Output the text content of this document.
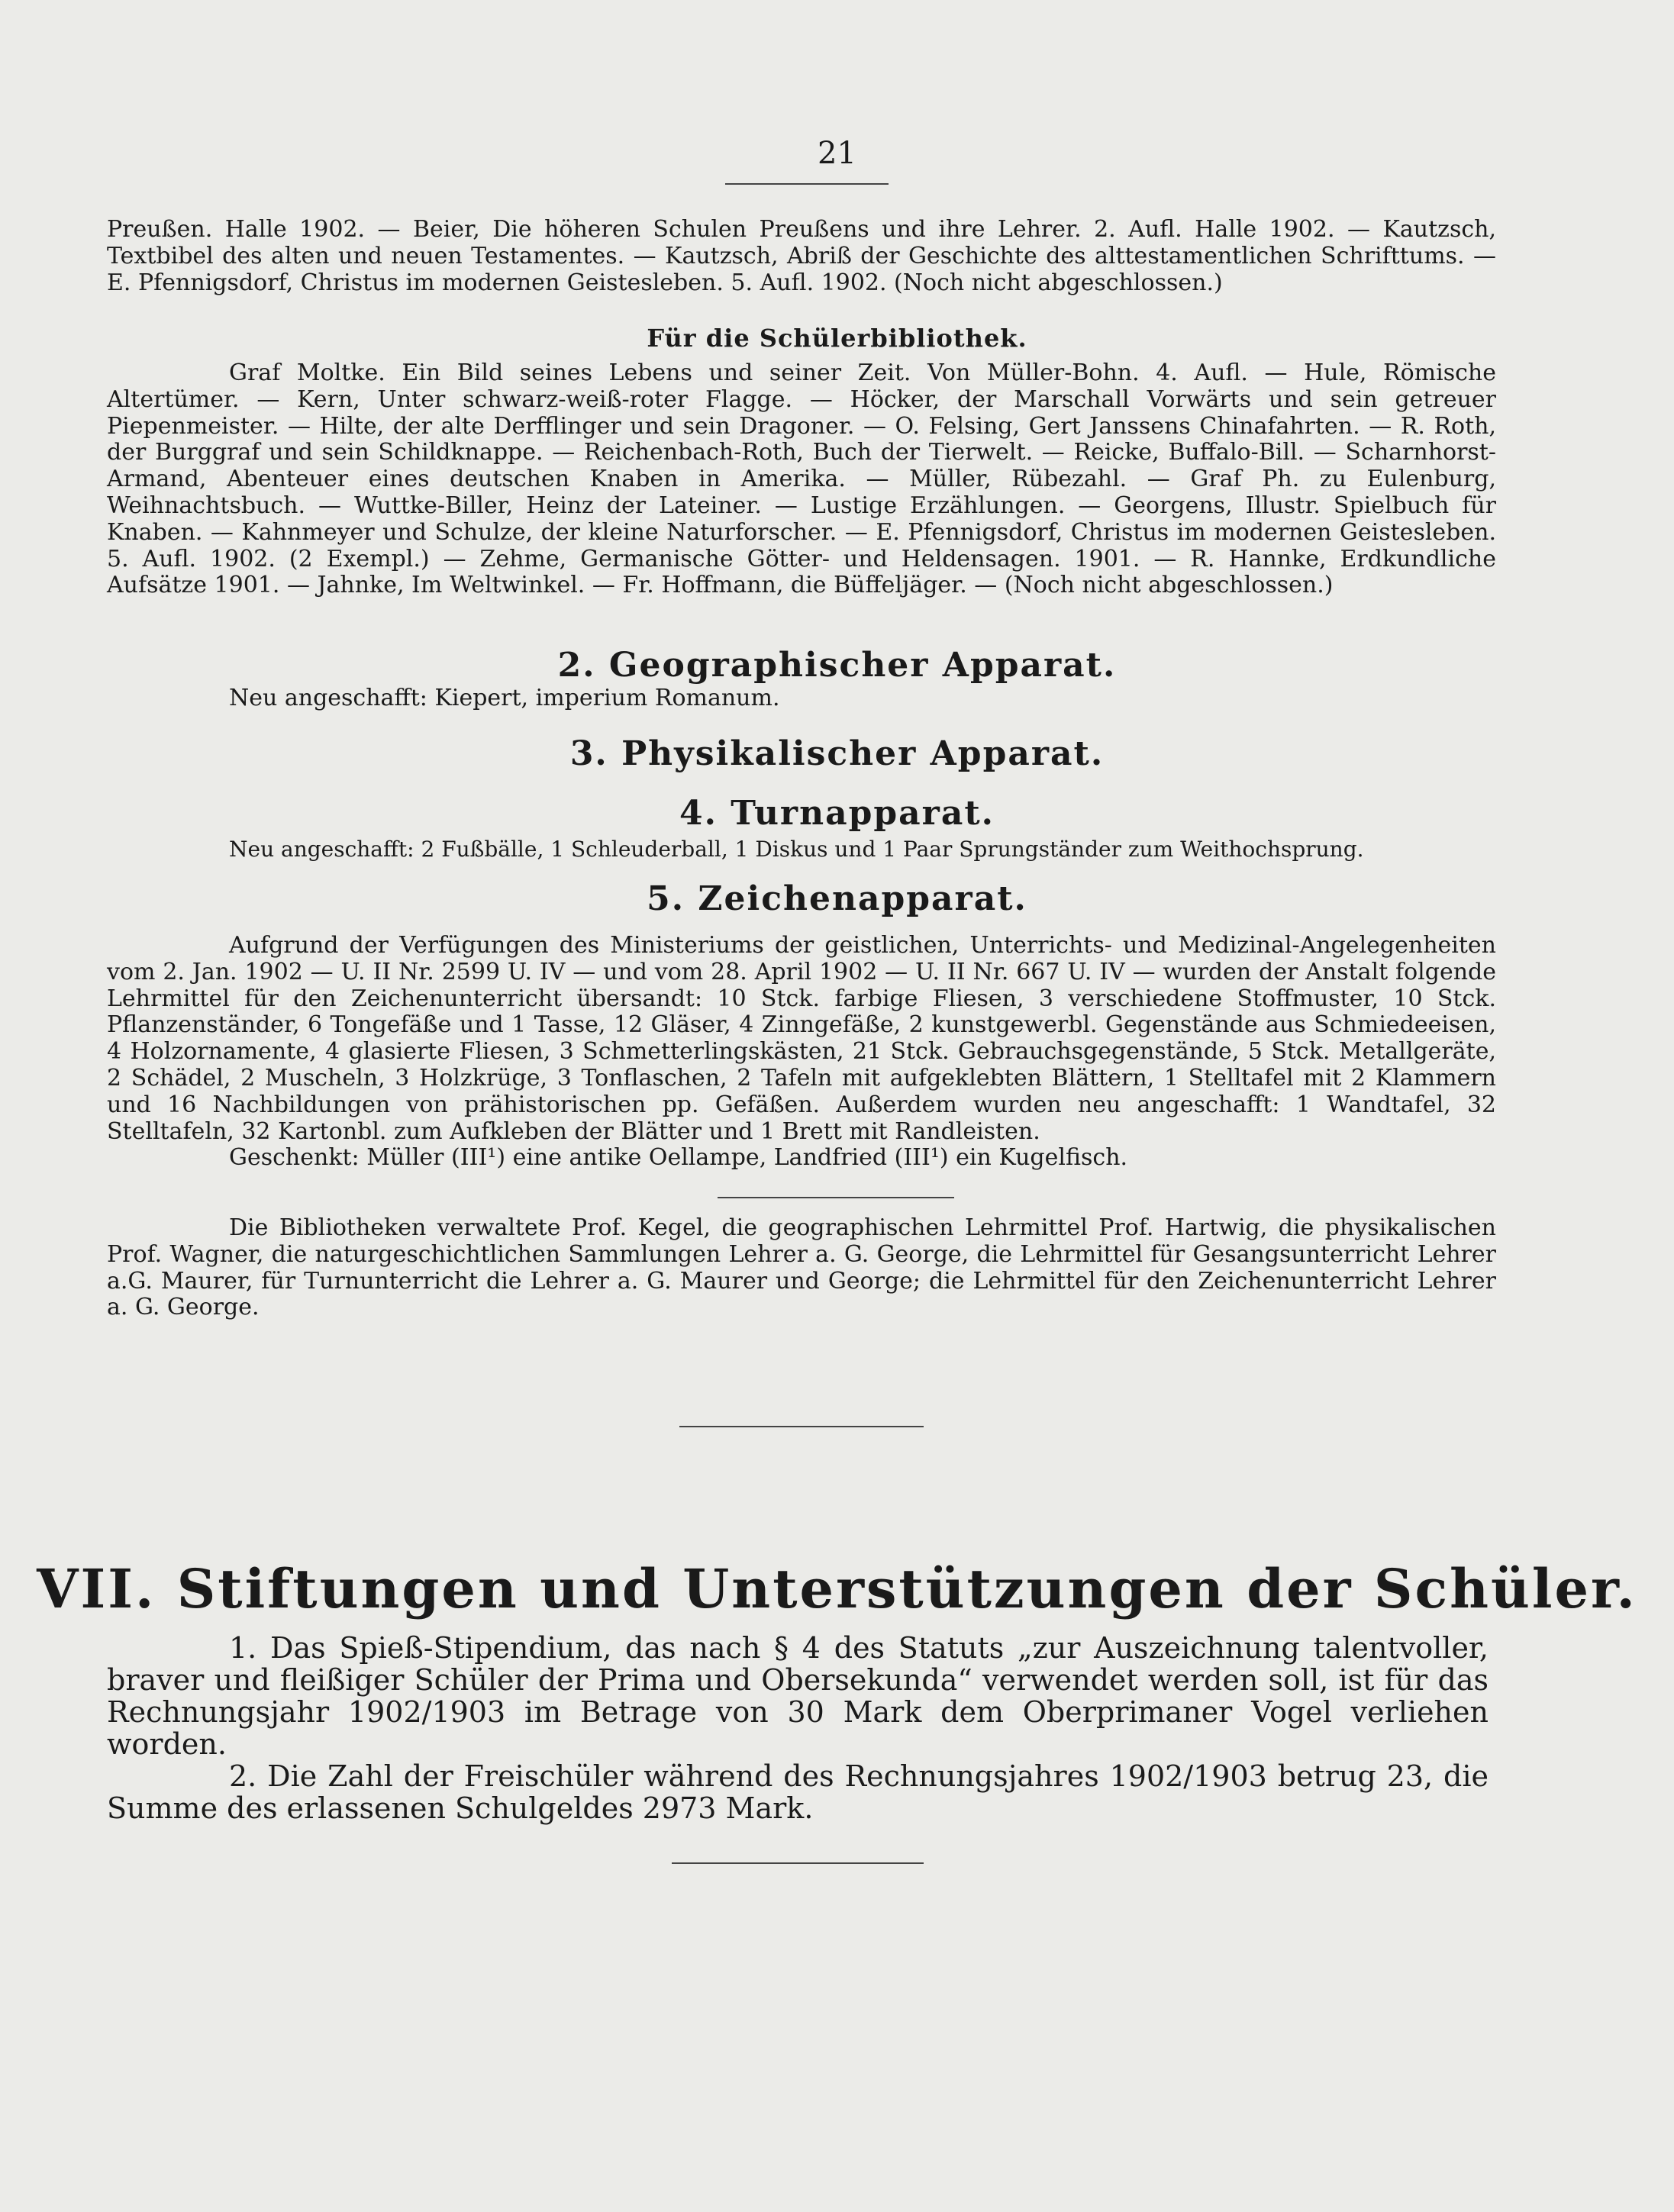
21

Preußen. Halle 1902. — Beier, Die höheren Schulen Preußens und ihre Lehrer. 2. Aufl. Halle 1902. — Kautzsch, Textbibel des alten und neuen Testamentes. — Kautzsch, Abriß der Geschichte des alttestamentlichen Schrifttums. — E. Pfennigsdorf, Christus im modernen Geistesleben. 5. Aufl. 1902. (Noch nicht abgeschlossen.)

Für die Schülerbibliothek.

Graf Moltke. Ein Bild seines Lebens und seiner Zeit. Von Müller-Bohn. 4. Aufl. — Hule, Römische Altertümer. — Kern, Unter schwarz-weiß-roter Flagge. — Höcker, der Marschall Vorwärts und sein getreuer Piepenmeister. — Hilte, der alte Derfflinger und sein Dragoner. — O. Felsing, Gert Janssens Chinafahrten. — R. Roth, der Burggraf und sein Schildknappe. — Reichenbach-Roth, Buch der Tierwelt. — Reicke, Buffalo-Bill. — Scharnhorst-Armand, Abenteuer eines deutschen Knaben in Amerika. — Müller, Rübezahl. — Graf Ph. zu Eulenburg, Weihnachtsbuch. — Wuttke-Biller, Heinz der Lateiner. — Lustige Erzählungen. — Georgens, Illustr. Spielbuch für Knaben. — Kahnmeyer und Schulze, der kleine Naturforscher. — E. Pfennigsdorf, Christus im modernen Geistesleben. 5. Aufl. 1902. (2 Exempl.) — Zehme, Germanische Götter- und Heldensagen. 1901. — R. Hannke, Erdkundliche Aufsätze 1901. — Jahnke, Im Weltwinkel. — Fr. Hoffmann, die Büffeljäger. — (Noch nicht abgeschlossen.)

2. Geographischer Apparat.
Neu angeschafft: Kiepert, imperium Romanum.
3. Physikalischer Apparat.
4. Turnapparat.
Neu angeschafft: 2 Fußbälle, 1 Schleuderball, 1 Diskus und 1 Paar Sprungständer zum Weithochsprung.
5. Zeichenapparat.

Aufgrund der Verfügungen des Ministeriums der geistlichen, Unterrichts- und Medizinal-Angelegenheiten vom 2. Jan. 1902 — U. II Nr. 2599 U. IV — und vom 28. April 1902 — U. II Nr. 667 U. IV — wurden der Anstalt folgende Lehrmittel für den Zeichenunterricht übersandt: 10 Stck. farbige Fliesen, 3 verschiedene Stoffmuster, 10 Stck. Pflanzenständer, 6 Tongefäße und 1 Tasse, 12 Gläser, 4 Zinngefäße, 2 kunstgewerbl. Gegenstände aus Schmiedeeisen, 4 Holzornamente, 4 glasierte Fliesen, 3 Schmetterlingskästen, 21 Stck. Gebrauchsgegenstände, 5 Stck. Metallgeräte, 2 Schädel, 2 Muscheln, 3 Holzkrüge, 3 Tonflaschen, 2 Tafeln mit aufgeklebten Blättern, 1 Stelltafel mit 2 Klammern und 16 Nachbildungen von prähistorischen pp. Gefäßen. Außerdem wurden neu angeschafft: 1 Wandtafel, 32 Stelltafeln, 32 Kartonbl. zum Aufkleben der Blätter und 1 Brett mit Randleisten.

Geschenkt: Müller (III¹) eine antike Oellampe, Landfried (III¹) ein Kugelfisch.

Die Bibliotheken verwaltete Prof. Kegel, die geographischen Lehrmittel Prof. Hartwig, die physikalischen Prof. Wagner, die naturgeschichtlichen Sammlungen Lehrer a. G. George, die Lehrmittel für Gesangsunterricht Lehrer a.G. Maurer, für Turnunterricht die Lehrer a. G. Maurer und George; die Lehrmittel für den Zeichenunterricht Lehrer a. G. George.

VII. Stiftungen und Unterstützungen der Schüler.

1. Das Spieß-Stipendium, das nach § 4 des Statuts „zur Auszeichnung talentvoller, braver und fleißiger Schüler der Prima und Obersekunda“ verwendet werden soll, ist für das Rechnungsjahr 1902/1903 im Betrage von 30 Mark dem Oberprimaner Vogel verliehen worden.

2. Die Zahl der Freischüler während des Rechnungsjahres 1902/1903 betrug 23, die Summe des erlassenen Schulgeldes 2973 Mark.
